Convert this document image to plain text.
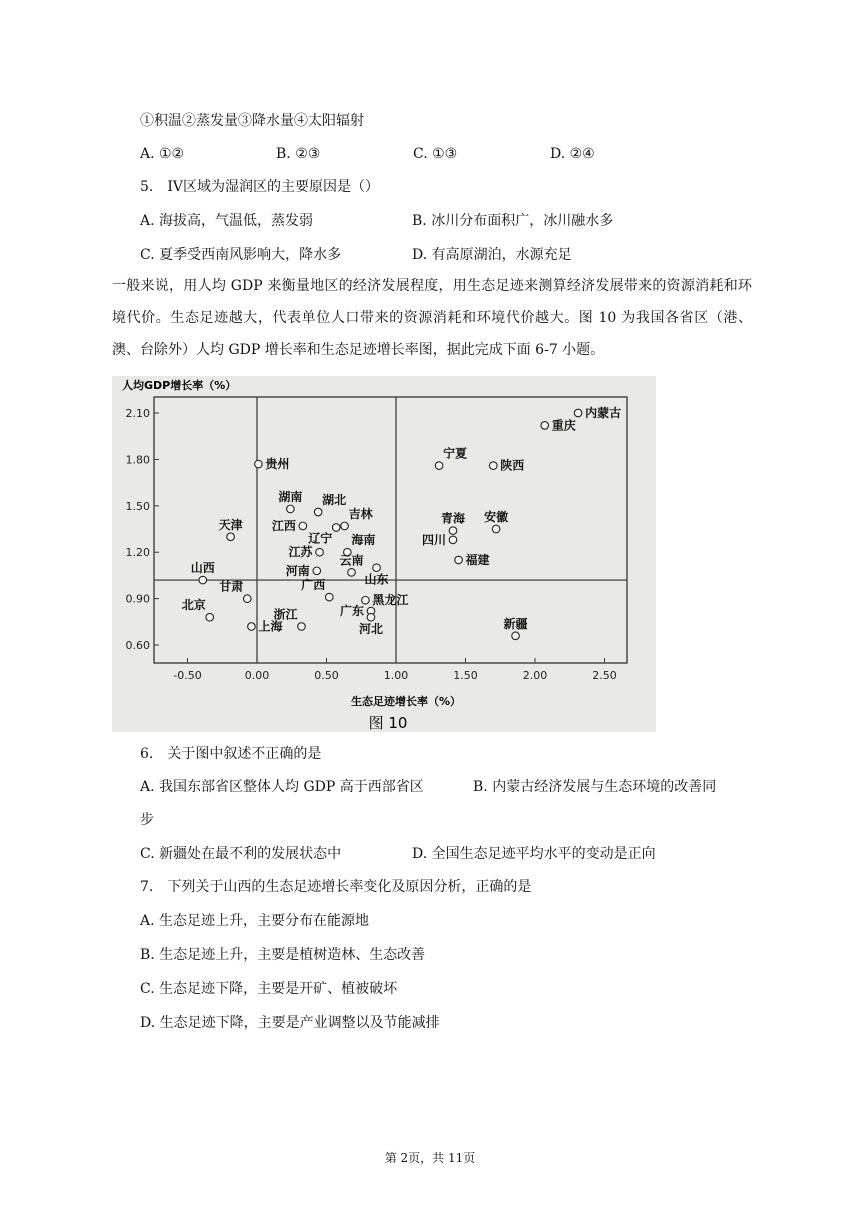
①积温②蒸发量③降水量④太阳辐射
A. ①②	B. ②③	C. ①③	D. ②④
5.　IV区域为湿润区的主要原因是（）
A. 海拔高，气温低，蒸发弱	B. 冰川分布面积广，冰川融水多
C. 夏季受西南风影响大，降水多	D. 有高原湖泊，水源充足
一般来说，用人均 GDP 来衡量地区的经济发展程度，用生态足迹来测算经济发展带来的资源消耗和环境代价。生态足迹越大，代表单位人口带来的资源消耗和环境代价越大。图 10 为我国各省区（港、澳、台除外）人均 GDP 增长率和生态足迹增长率图，据此完成下面 6-7 小题。
0.60
0.90
1.20
1.50
1.80
2.10
-0.50	0.00	0.50	1.00	1.50	2.00	2.50
内蒙古
重庆
宁夏
陕西
贵州
湖南 湖北
吉林
江西
天津
辽宁
青海 安徽
四川
江苏
海南
福建
山西	河南
云南
山东
甘肃	广西
黑龙江
北京	广东
浙江
河北
上海	新疆
人均GDP增长率（%）
生态足迹增长率（%）
图 10
6.　关于图中叙述不正确的是
A. 我国东部省区整体人均 GDP 高于西部省区	B. 内蒙古经济发展与生态环境的改善同
步
C. 新疆处在最不利的发展状态中	D. 全国生态足迹平均水平的变动是正向
7.　下列关于山西的生态足迹增长率变化及原因分析，正确的是
A. 生态足迹上升，主要分布在能源地
B. 生态足迹上升，主要是植树造林、生态改善
C. 生态足迹下降，主要是开矿、植被破坏
D. 生态足迹下降，主要是产业调整以及节能减排
第 2页，共 11页
